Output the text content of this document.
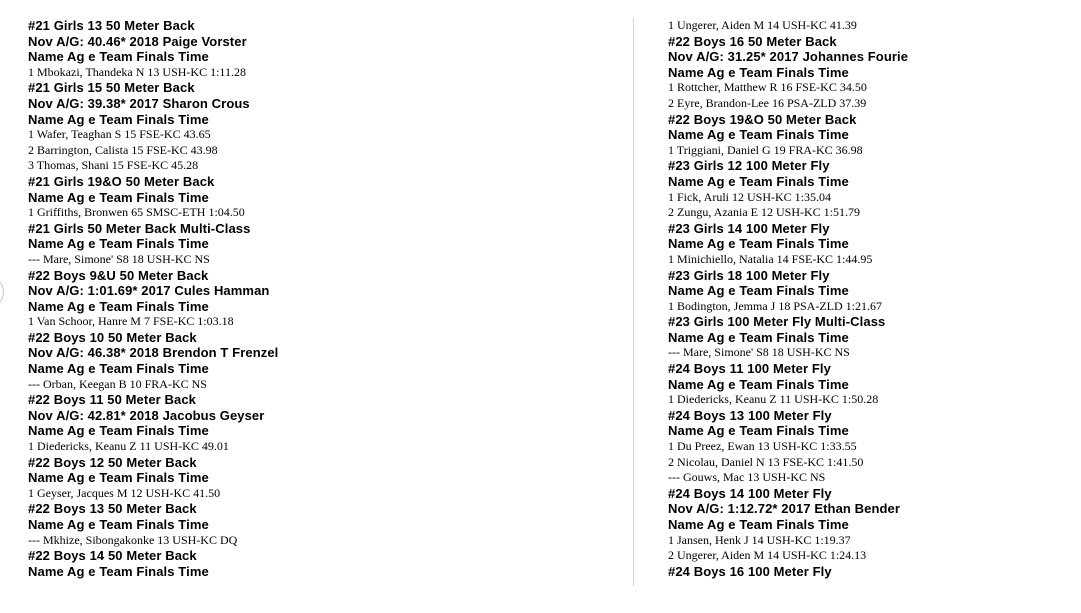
#21 Girls 13 50 Meter Back
Nov A/G: 40.46* 2018 Paige Vorster
Name Ag e Team Finals Time
1 Mbokazi, Thandeka N 13 USH-KC 1:11.28
#21 Girls 15 50 Meter Back
Nov A/G: 39.38* 2017 Sharon Crous
Name Ag e Team Finals Time
1 Wafer, Teaghan S 15 FSE-KC 43.65
2 Barrington, Calista 15 FSE-KC 43.98
3 Thomas, Shani 15 FSE-KC 45.28
#21 Girls 19&O 50 Meter Back
Name Ag e Team Finals Time
1 Griffiths, Bronwen 65 SMSC-ETH 1:04.50
#21 Girls 50 Meter Back Multi-Class
Name Ag e Team Finals Time
--- Mare, Simone' S8 18 USH-KC NS
#22 Boys 9&U 50 Meter Back
Nov A/G: 1:01.69* 2017 Cules Hamman
Name Ag e Team Finals Time
1 Van Schoor, Hanre M 7 FSE-KC 1:03.18
#22 Boys 10 50 Meter Back
Nov A/G: 46.38* 2018 Brendon T Frenzel
Name Ag e Team Finals Time
--- Orban, Keegan B 10 FRA-KC NS
#22 Boys 11 50 Meter Back
Nov A/G: 42.81* 2018 Jacobus Geyser
Name Ag e Team Finals Time
1 Diedericks, Keanu Z 11 USH-KC 49.01
#22 Boys 12 50 Meter Back
Name Ag e Team Finals Time
1 Geyser, Jacques M 12 USH-KC 41.50
#22 Boys 13 50 Meter Back
Name Ag e Team Finals Time
--- Mkhize, Sibongakonke 13 USH-KC DQ
#22 Boys 14 50 Meter Back
Name Ag e Team Finals Time
1 Ungerer, Aiden M 14 USH-KC 41.39
#22 Boys 16 50 Meter Back
Nov A/G: 31.25* 2017 Johannes Fourie
Name Ag e Team Finals Time
1 Rottcher, Matthew R 16 FSE-KC 34.50
2 Eyre, Brandon-Lee 16 PSA-ZLD 37.39
#22 Boys 19&O 50 Meter Back
Name Ag e Team Finals Time
1 Triggiani, Daniel G 19 FRA-KC 36.98
#23 Girls 12 100 Meter Fly
Name Ag e Team Finals Time
1 Fick, Aruli 12 USH-KC 1:35.04
2 Zungu, Azania E 12 USH-KC 1:51.79
#23 Girls 14 100 Meter Fly
Name Ag e Team Finals Time
1 Minichiello, Natalia 14 FSE-KC 1:44.95
#23 Girls 18 100 Meter Fly
Name Ag e Team Finals Time
1 Bodington, Jemma J 18 PSA-ZLD 1:21.67
#23 Girls 100 Meter Fly Multi-Class
Name Ag e Team Finals Time
--- Mare, Simone' S8 18 USH-KC NS
#24 Boys 11 100 Meter Fly
Name Ag e Team Finals Time
1 Diedericks, Keanu Z 11 USH-KC 1:50.28
#24 Boys 13 100 Meter Fly
Name Ag e Team Finals Time
1 Du Preez, Ewan 13 USH-KC 1:33.55
2 Nicolau, Daniel N 13 FSE-KC 1:41.50
--- Gouws, Mac 13 USH-KC NS
#24 Boys 14 100 Meter Fly
Nov A/G: 1:12.72* 2017 Ethan Bender
Name Ag e Team Finals Time
1 Jansen, Henk J 14 USH-KC 1:19.37
2 Ungerer, Aiden M 14 USH-KC 1:24.13
#24 Boys 16 100 Meter Fly
